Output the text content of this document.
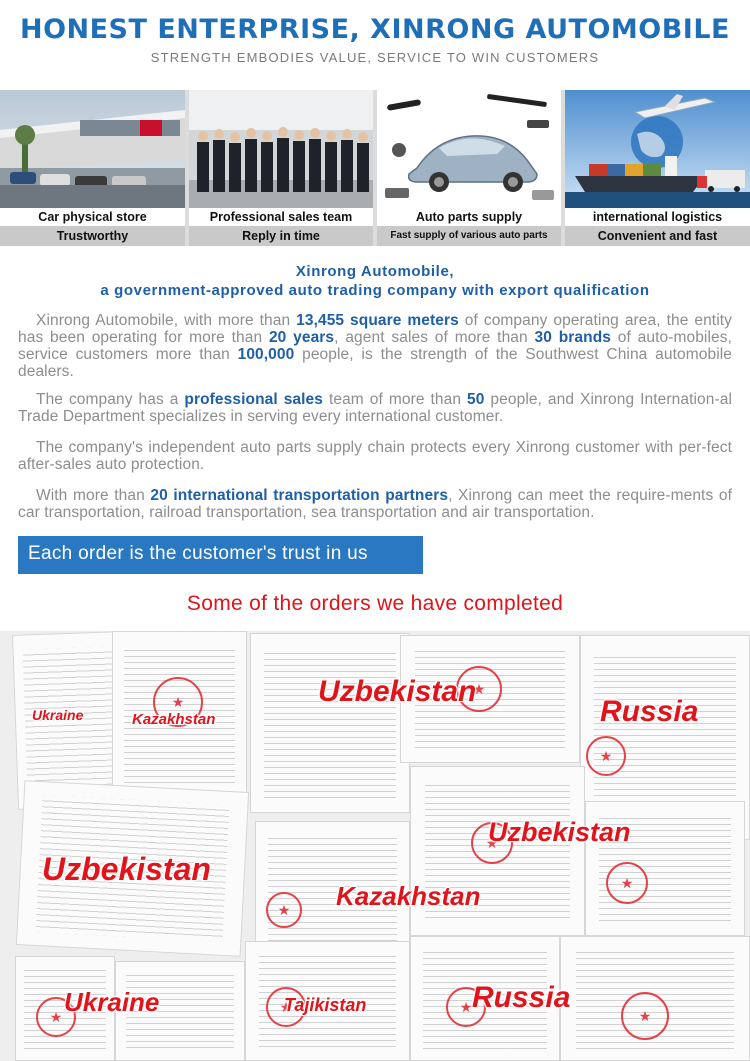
HONEST ENTERPRISE, XINRONG AUTOMOBILE
STRENGTH EMBODIES VALUE, SERVICE TO WIN CUSTOMERS
Car physical store
Trustworthy
Professional sales team
Reply in time
Auto parts supply
Fast supply of various auto parts
international logistics
Convenient and fast
Xinrong Automobile,
a government-approved auto trading company with export qualification
Xinrong Automobile, with more than 13,455 square meters of company operating area, the entity has been operating for more than 20 years, agent sales of more than 30 brands of auto-mobiles, service customers more than 100,000 people, is the strength of the Southwest China automobile dealers.
The company has a professional sales team of more than 50 people, and Xinrong Internation-al Trade Department specializes in serving every international customer.
The company's independent auto parts supply chain protects every Xinrong customer with per-fect after-sales auto protection.
With more than 20 international transportation partners, Xinrong can meet the require-ments of car transportation, railroad transportation, sea transportation and air transportation.
Each order is the customer's trust in us
Some of the orders we have completed
★
★
★
★
★
★
★
★
★
★
Ukraine	Kazakhstan
Uzbekistan
Russia
Uzbekistan
Uzbekistan
Kazakhstan
Ukraine	Tajikistan	Russia
